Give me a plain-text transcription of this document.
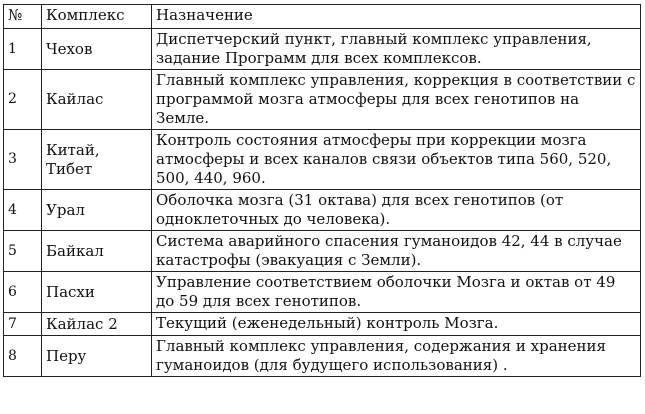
№	Комплекс	Назначение
1	Чехов	Диспетчерский пункт, главный комплекс управления, задание Программ для всех комплексов.
2	Кайлас	Главный комплекс управления, коррекция в соответствии с программой мозга атмосферы для всех генотипов на Земле.
3	Китай, Тибет	Контроль состояния атмосферы при коррекции мозга атмосферы и всех каналов связи объектов типа 560, 520, 500, 440, 960.
4	Урал	Оболочка мозга (31 октава) для всех генотипов (от одноклеточных до человека).
5	Байкал	Система аварийного спасения гуманоидов 42, 44 в случае катастрофы (эвакуация с Земли).
6	Пасхи	Управление соответствием оболочки Мозга и октав от 49 до 59 для всех генотипов.
7	Кайлас 2	Текущий (еженедельный) контроль Мозга.
8	Перу	Главный комплекс управления, содержания и хранения гуманоидов (для будущего использования) .
